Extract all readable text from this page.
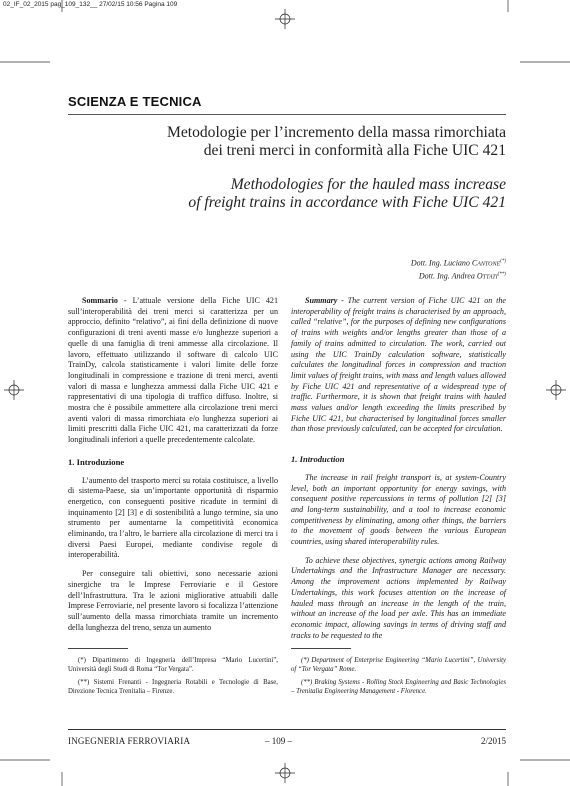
02_IF_02_2015 pag_109_132__ 27/02/15 10:56 Pagina 109
SCIENZA E TECNICA
Metodologie per l’incremento della massa rimorchiata
dei treni merci in conformità alla Fiche UIC 421
Methodologies for the hauled mass increase
of freight trains in accordance with Fiche UIC 421
Dott. Ing. Luciano Cantone(*)
Dott. Ing. Andrea Ottati(**)

Sommario - L’attuale versione della Fiche UIC 421 sull’interoperabilità dei treni merci si caratterizza per un approccio, definito “relativo”, ai fini della definizione di nuove configurazioni di treni aventi masse e/o lunghezze superiori a quelle di una famiglia di treni ammesse alla circolazione. Il lavoro, effettuato utilizzando il software di calcolo UIC TrainDy, calcola statisticamente i valori limite delle forze longitudinali in compressione e trazione di treni merci, aventi valori di massa e lunghezza ammessi dalla Fiche UIC 421 e rappresentativi di una tipologia di traffico diffuso. Inoltre, si mostra che è possibile ammettere alla circolazione treni merci aventi valori di massa rimorchiata e/o lunghezza superiori ai limiti prescritti dalla Fiche UIC 421, ma caratterizzati da forze longitudinali inferiori a quelle precedentemente calcolate.

1. Introduzione

L’aumento del trasporto merci su rotaia costituisce, a livello di sistema-Paese, sia un’importante opportunità di risparmio energetico, con conseguenti positive ricadute in termini di inquinamento [2] [3] e di sostenibilità a lungo termine, sia uno strumento per aumentarne la competitività economica eliminando, tra l’altro, le barriere alla circolazione di merci tra i diversi Paesi Europei, mediante condivise regole di interoperabilità.

Per conseguire tali obiettivi, sono necessarie azioni sinergiche tra le Imprese Ferroviarie e il Gestore dell’Infrastruttura. Tra le azioni migliorative attuabili dalle Imprese Ferroviarie, nel presente lavoro si focalizza l’attenzione sull’aumento della massa rimorchiata tramite un incremento della lunghezza del treno, senza un aumento

Summary - The current version of Fiche UIC 421 on the interoperability of freight trains is characterised by an approach, called “relative”, for the purposes of defining new configurations of trains with weights and/or lengths greater than those of a family of trains admitted to circulation. The work, carried out using the UIC TrainDy calculation software, statistically calculates the longitudinal forces in compression and traction limit values of freight trains, with mass and length values allowed by Fiche UIC 421 and representative of a widespread type of traffic. Furthermore, it is shown that freight trains with hauled mass values and/or length exceeding the limits prescribed by Fiche UIC 421, but characterised by longitudinal forces smaller than those previously calculated, can be accepted for circulation.

1. Introduction

The increase in rail freight transport is, at system-Country level, both an important opportunity for energy savings, with consequent positive repercussions in terms of pollution [2] [3] and long-term sustainability, and a tool to increase economic competitiveness by eliminating, among other things, the barriers to the movement of goods between the various European countries, using shared interoperability rules.

To achieve these objectives, synergic actions among Railway Undertakings and the Infrastructure Manager are necessary. Among the improvement actions implemented by Railway Undertakings, this work focuses attention on the increase of hauled mass through an increase in the length of the train, without an increase of the load per axle. This has an immediate economic impact, allowing savings in terms of driving staff and tracks to be requested to the

(*) Dipartimento di Ingegneria dell’Impresa “Mario Lucertini”, Università degli Studi di Roma “Tor Vergata”.

(**) Sistemi Frenanti - Ingegneria Rotabili e Tecnologie di Base, Direzione Tecnica Trenitalia – Firenze.

(*) Department of Enterprise Engineering “Mario Lucertini”, University of “Tor Vergata” Rome.

(**) Braking Systems - Rolling Stock Engineering and Basic Technologies – Trenitalia Engineering Management - Florence.

INGEGNERIA FERROVIARIA	– 109 –	2/2015
